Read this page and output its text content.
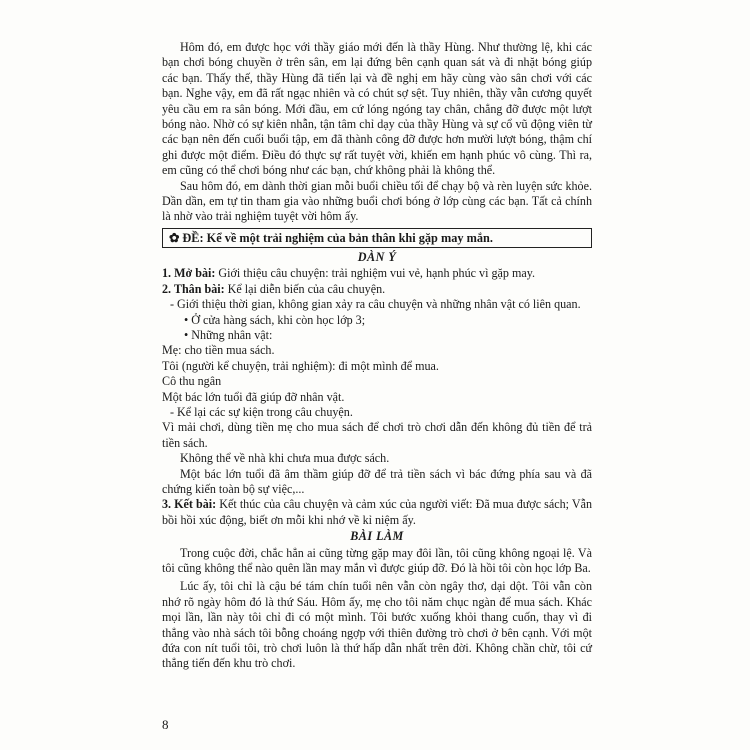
Hôm đó, em được học với thầy giáo mới đến là thầy Hùng. Như thường lệ, khi các bạn chơi bóng chuyền ở trên sân, em lại đứng bên cạnh quan sát và đi nhặt bóng giúp các bạn. Thấy thế, thầy Hùng đã tiến lại và đề nghị em hãy cùng vào sân chơi với các bạn. Nghe vậy, em đã rất ngạc nhiên và có chút sợ sệt. Tuy nhiên, thầy vẫn cương quyết yêu cầu em ra sân bóng. Mới đầu, em cứ lóng ngóng tay chân, chẳng đỡ được một lượt bóng nào. Nhờ có sự kiên nhẫn, tận tâm chỉ dạy của thầy Hùng và sự cổ vũ động viên từ các bạn nên đến cuối buổi tập, em đã thành công đỡ được hơn mười lượt bóng, thậm chí ghi được một điểm. Điều đó thực sự rất tuyệt vời, khiến em hạnh phúc vô cùng. Thì ra, em cũng có thể chơi bóng như các bạn, chứ không phải là không thể.

Sau hôm đó, em dành thời gian mỗi buổi chiều tối để chạy bộ và rèn luyện sức khỏe. Dần dần, em tự tin tham gia vào những buổi chơi bóng ở lớp cùng các bạn. Tất cả chính là nhờ vào trải nghiệm tuyệt vời hôm ấy.

✿ ĐỀ: Kể về một trải nghiệm của bản thân khi gặp may mắn.
DÀN Ý

1. Mở bài: Giới thiệu câu chuyện: trải nghiệm vui vẻ, hạnh phúc vì gặp may.

2. Thân bài: Kể lại diễn biến của câu chuyện.

- Giới thiệu thời gian, không gian xảy ra câu chuyện và những nhân vật có liên quan.

• Ở cửa hàng sách, khi còn học lớp 3;

• Những nhân vật:

Mẹ: cho tiền mua sách.

Tôi (người kể chuyện, trải nghiệm): đi một mình để mua.

Cô thu ngân

Một bác lớn tuổi đã giúp đỡ nhân vật.

- Kể lại các sự kiện trong câu chuyện.

Vì mải chơi, dùng tiền mẹ cho mua sách để chơi trò chơi dẫn đến không đủ tiền để trả tiền sách.

Không thể về nhà khi chưa mua được sách.

Một bác lớn tuổi đã âm thầm giúp đỡ để trả tiền sách vì bác đứng phía sau và đã chứng kiến toàn bộ sự việc,...

3. Kết bài: Kết thúc của câu chuyện và cảm xúc của người viết: Đã mua được sách; Vẫn bồi hồi xúc động, biết ơn mỗi khi nhớ về kỉ niệm ấy.

BÀI LÀM

Trong cuộc đời, chắc hẳn ai cũng từng gặp may đôi lần, tôi cũng không ngoại lệ. Và tôi cũng không thể nào quên lần may mắn vì được giúp đỡ. Đó là hồi tôi còn học lớp Ba.

Lúc ấy, tôi chỉ là cậu bé tám chín tuổi nên vẫn còn ngây thơ, dại dột. Tôi vẫn còn nhớ rõ ngày hôm đó là thứ Sáu. Hôm ấy, mẹ cho tôi năm chục ngàn để mua sách. Khác mọi lần, lần này tôi chỉ đi có một mình. Tôi bước xuống khỏi thang cuốn, thay vì đi thẳng vào nhà sách tôi bỗng choáng ngợp với thiên đường trò chơi ở bên cạnh. Với một đứa con nít tuổi tôi, trò chơi luôn là thứ hấp dẫn nhất trên đời. Không chần chừ, tôi cứ thẳng tiến đến khu trò chơi.

8
